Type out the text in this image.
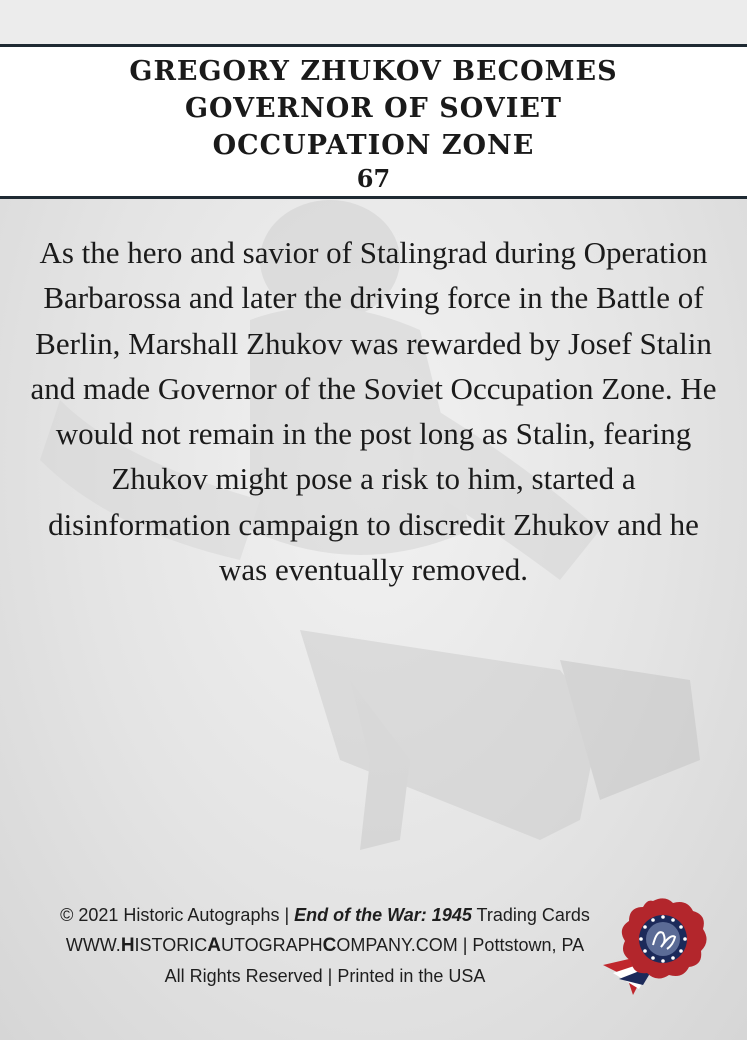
GREGORY ZHUKOV BECOMES GOVERNOR OF SOVIET OCCUPATION ZONE
67
As the hero and savior of Stalingrad during Operation Barbarossa and later the driving force in the Battle of Berlin, Marshall Zhukov was rewarded by Josef Stalin and made Governor of the Soviet Occupation Zone. He would not remain in the post long as Stalin, fearing Zhukov might pose a risk to him, started a disinformation campaign to discredit Zhukov and he was eventually removed.
© 2021 Historic Autographs | End of the War: 1945 Trading Cards
WWW.HISTORICAUTOGRAPHCOMPANY.COM | Pottstown, PA
All Rights Reserved | Printed in the USA
